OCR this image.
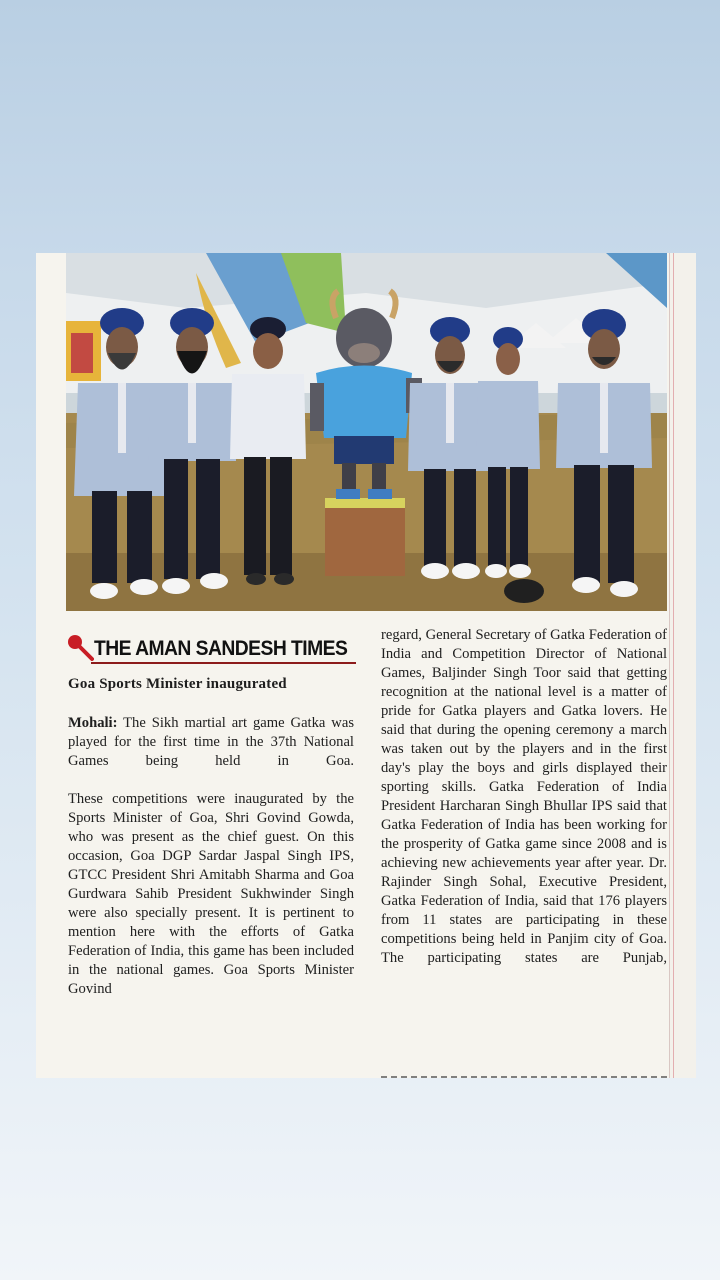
THE AMAN SANDESH TIMES
Goa Sports Minister inaugurated

Mohali: The Sikh martial art game Gatka was played for the first time in the 37th National Games being held in Goa.

These competitions were inaugurated by the Sports Minister of Goa, Shri Govind Gowda, who was present as the chief guest. On this occasion, Goa DGP Sardar Jaspal Singh IPS, GTCC President Shri Amitabh Sharma and Goa Gurdwara Sahib President Sukhwinder Singh were also specially present. It is pertinent to mention here with the efforts of Gatka Federation of India, this game has been included in the national games. Goa Sports Minister Govind

regard, General Secretary of Gatka Federation of India and Competition Director of National Games, Baljinder Singh Toor said that getting recognition at the national level is a matter of pride for Gatka players and Gatka lovers. He said that during the opening ceremony a march was taken out by the players and in the first day's play the boys and girls displayed their sporting skills. Gatka Federation of India President Harcharan Singh Bhullar IPS said that Gatka Federation of India has been working for the prosperity of Gatka game since 2008 and is achieving new achievements year after year. Dr. Rajinder Singh Sohal, Executive President, Gatka Federation of India, said that 176 players from 11 states are participating in these competitions being held in Panjim city of Goa. The participating states are Punjab,
